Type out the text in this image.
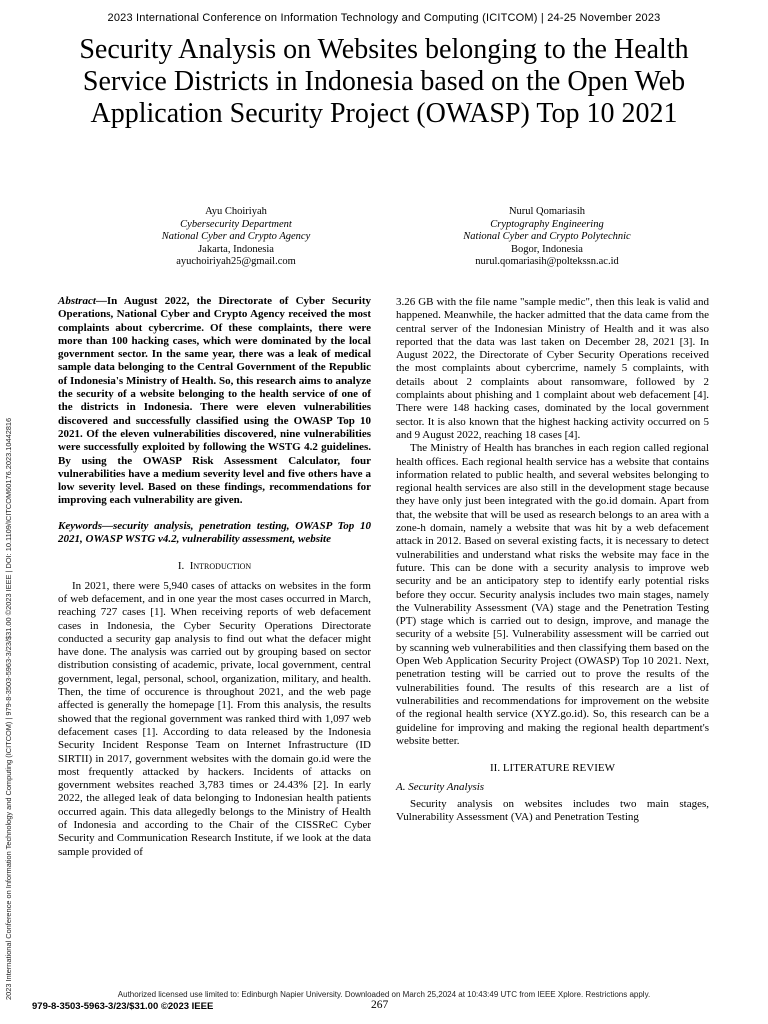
2023 International Conference on Information Technology and Computing (ICITCOM) | 24-25 November 2023
Security Analysis on Websites belonging to the Health Service Districts in Indonesia based on the Open Web Application Security Project (OWASP) Top 10 2021
Ayu Choiriyah
Cybersecurity Department
National Cyber and Crypto Agency
Jakarta, Indonesia
ayuchoiriyah25@gmail.com
Nurul Qomariasih
Cryptography Engineering
National Cyber and Crypto Polytechnic
Bogor, Indonesia
nurul.qomariasih@poltekssn.ac.id
2023 International Conference on Information Technology and Computing (ICITCOM) | 979-8-3503-5963-3/23/$31.00 ©2023 IEEE | DOI: 10.1109/ICITCOM60176.2023.10442816

Abstract—In August 2022, the Directorate of Cyber Security Operations, National Cyber and Crypto Agency received the most complaints about cybercrime. Of these complaints, there were more than 100 hacking cases, which were dominated by the local government sector. In the same year, there was a leak of medical sample data belonging to the Central Government of the Republic of Indonesia's Ministry of Health. So, this research aims to analyze the security of a website belonging to the health service of one of the districts in Indonesia. There were eleven vulnerabilities discovered and successfully classified using the OWASP Top 10 2021. Of the eleven vulnerabilities discovered, nine vulnerabilities were successfully exploited by following the WSTG 4.2 guidelines. By using the OWASP Risk Assessment Calculator, four vulnerabilities have a medium severity level and five others have a low severity level. Based on these findings, recommendations for improving each vulnerability are given.

Keywords—security analysis, penetration testing, OWASP Top 10 2021, OWASP WSTG v4.2, vulnerability assessment, website

I. Introduction

In 2021, there were 5,940 cases of attacks on websites in the form of web defacement, and in one year the most cases occurred in March, reaching 727 cases [1]. When receiving reports of web defacement cases in Indonesia, the Cyber Security Operations Directorate conducted a security gap analysis to find out what the defacer might have done. The analysis was carried out by grouping based on sector distribution consisting of academic, private, local government, central government, legal, personal, school, organization, military, and health. Then, the time of occurence is throughout 2021, and the web page affected is generally the homepage [1]. From this analysis, the results showed that the regional government was ranked third with 1,097 web defacement cases [1]. According to data released by the Indonesia Security Incident Response Team on Internet Infrastructure (ID SIRTII) in 2017, government websites with the domain go.id were the most frequently attacked by hackers. Incidents of attacks on government websites reached 3,783 times or 24.43% [2]. In early 2022, the alleged leak of data belonging to Indonesian health patients occurred again. This data allegedly belongs to the Ministry of Health of Indonesia and according to the Chair of the CISSReC Cyber Security and Communication Research Institute, if we look at the data sample provided of

3.26 GB with the file name "sample medic", then this leak is valid and happened. Meanwhile, the hacker admitted that the data came from the central server of the Indonesian Ministry of Health and it was also reported that the data was last taken on December 28, 2021 [3]. In August 2022, the Directorate of Cyber Security Operations received the most complaints about cybercrime, namely 5 complaints, with details about 2 complaints about ransomware, followed by 2 complaints about phishing and 1 complaint about web defacement [4]. There were 148 hacking cases, dominated by the local government sector. It is also known that the highest hacking activity occurred on 5 and 9 August 2022, reaching 18 cases [4].

The Ministry of Health has branches in each region called regional health offices. Each regional health service has a website that contains information related to public health, and several websites belonging to regional health services are also still in the development stage because they have only just been integrated with the go.id domain. Apart from that, the website that will be used as research belongs to an area with a zone-h domain, namely a website that was hit by a web defacement attack in 2012. Based on several existing facts, it is necessary to detect vulnerabilities and understand what risks the website may face in the future. This can be done with a security analysis to improve web security and be an anticipatory step to identify early potential risks before they occur. Security analysis includes two main stages, namely the Vulnerability Assessment (VA) stage and the Penetration Testing (PT) stage which is carried out to design, improve, and manage the security of a website [5]. Vulnerability assessment will be carried out by scanning web vulnerabilities and then classifying them based on the Open Web Application Security Project (OWASP) Top 10 2021. Next, penetration testing will be carried out to prove the results of the vulnerabilities found. The results of this research are a list of vulnerabilities and recommendations for improvement on the website of the regional health service (XYZ.go.id). So, this research can be a guideline for improving and making the regional health department's website better.

II. LITERATURE REVIEW

A. Security Analysis

Security analysis on websites includes two main stages, Vulnerability Assessment (VA) and Penetration Testing

Authorized licensed use limited to: Edinburgh Napier University. Downloaded on March 25,2024 at 10:43:49 UTC from IEEE Xplore. Restrictions apply.
979-8-3503-5963-3/23/$31.00 ©2023 IEEE	267
